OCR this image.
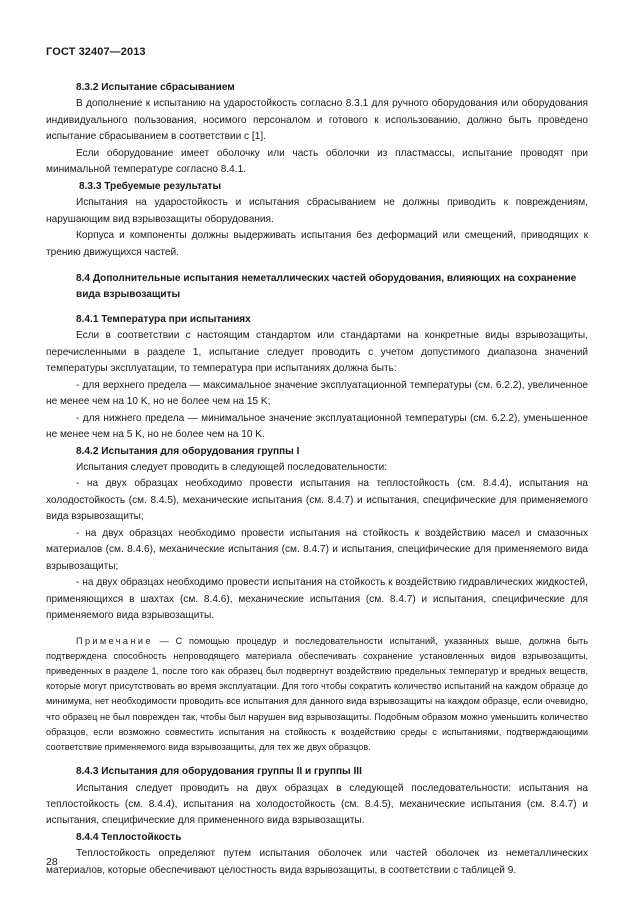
ГОСТ 32407—2013

8.3.2 Испытание сбрасыванием

В дополнение к испытанию на ударостойкость согласно 8.3.1 для ручного оборудования или оборудования индивидуального пользования, носимого персоналом и готового к использованию, должно быть проведено испытание сбрасыванием в соответствии с [1].

Если оборудование имеет оболочку или часть оболочки из пластмассы, испытание проводят при минимальной температуре согласно 8.4.1.

8.3.3 Требуемые результаты

Испытания на ударостойкость и испытания сбрасыванием не должны приводить к повреждениям, нарушающим вид взрывозащиты оборудования.

Корпуса и компоненты должны выдерживать испытания без деформаций или смещений, приводящих к трению движущихся частей.

8.4 Дополнительные испытания неметаллических частей оборудования, влияющих на сохранение вида взрывозащиты

8.4.1 Температура при испытаниях

Если в соответствии с настоящим стандартом или стандартами на конкретные виды взрывозащиты, перечисленными в разделе 1, испытание следует проводить с учетом допустимого диапазона значений температуры эксплуатации, то температура при испытаниях должна быть:

- для верхнего предела — максимальное значение эксплуатационной температуры (см. 6.2.2), увеличенное не менее чем на 10 K, но не более чем на 15 K;

- для нижнего предела — минимальное значение эксплуатационной температуры (см. 6.2.2), уменьшенное не менее чем на 5 K, но не более чем на 10 K.

8.4.2 Испытания для оборудования группы I

Испытания следует проводить в следующей последовательности:

- на двух образцах необходимо провести испытания на теплостойкость (см. 8.4.4), испытания на холодостойкость (см. 8.4.5), механические испытания (см. 8.4.7) и испытания, специфические для применяемого вида взрывозащиты;

- на двух образцах необходимо провести испытания на стойкость к воздействию масел и смазочных материалов (см. 8.4.6), механические испытания (см. 8.4.7) и испытания, специфические для применяемого вида взрывозащиты;

- на двух образцах необходимо провести испытания на стойкость к воздействию гидравлических жидкостей, применяющихся в шахтах (см. 8.4.6), механические испытания (см. 8.4.7) и испытания, специфические для применяемого вида взрывозащиты.

Примечание — С помощью процедур и последовательности испытаний, указанных выше, должна быть подтверждена способность непроводящего материала обеспечивать сохранение установленных видов взрывозащиты, приведенных в разделе 1, после того как образец был подвергнут воздействию предельных температур и вредных веществ, которые могут присутствовать во время эксплуатации. Для того чтобы сократить количество испытаний на каждом образце до минимума, нет необходимости проводить все испытания для данного вида взрывозащиты на каждом образце, если очевидно, что образец не был поврежден так, чтобы был нарушен вид взрывозащиты. Подобным образом можно уменьшить количество образцов, если возможно совместить испытания на стойкость к воздействию среды с испытаниями, подтверждающими соответствие применяемого вида взрывозащиты, для тех же двух образцов.

8.4.3 Испытания для оборудования группы II и группы III

Испытания следует проводить на двух образцах в следующей последовательности: испытания на теплостойкость (см. 8.4.4), испытания на холодостойкость (см. 8.4.5), механические испытания (см. 8.4.7) и испытания, специфические для примененного вида взрывозащиты.

8.4.4 Теплостойкость

Теплостойкость определяют путем испытания оболочек или частей оболочек из неметаллических материалов, которые обеспечивают целостность вида взрывозащиты, в соответствии с таблицей 9.

28
